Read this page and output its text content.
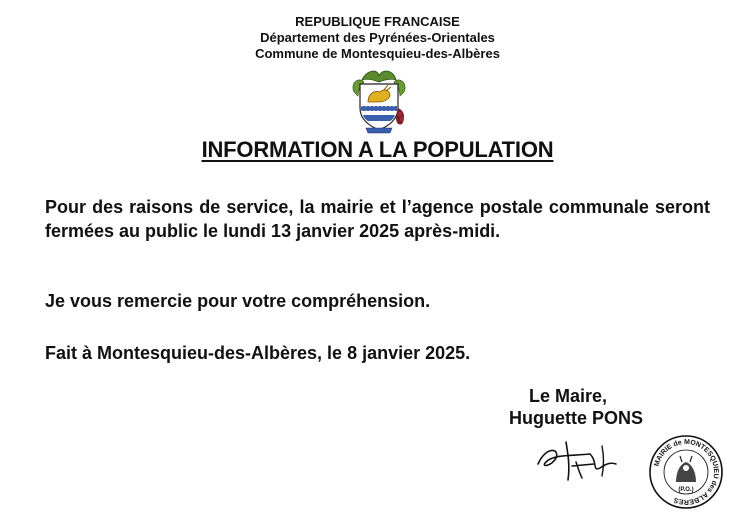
REPUBLIQUE FRANCAISE
Département des Pyrénées-Orientales
Commune de Montesquieu-des-Albères
INFORMATION A LA POPULATION
Pour des raisons de service, la mairie et l’agence postale communale seront fermées au public le lundi 13 janvier 2025 après-midi.
Je vous remercie pour votre compréhension.
Fait à Montesquieu-des-Albères, le 8 janvier 2025.
Le Maire,
Huguette PONS
MAIRIE de MONTESQUIEU des ALBERES
(P.O.)
